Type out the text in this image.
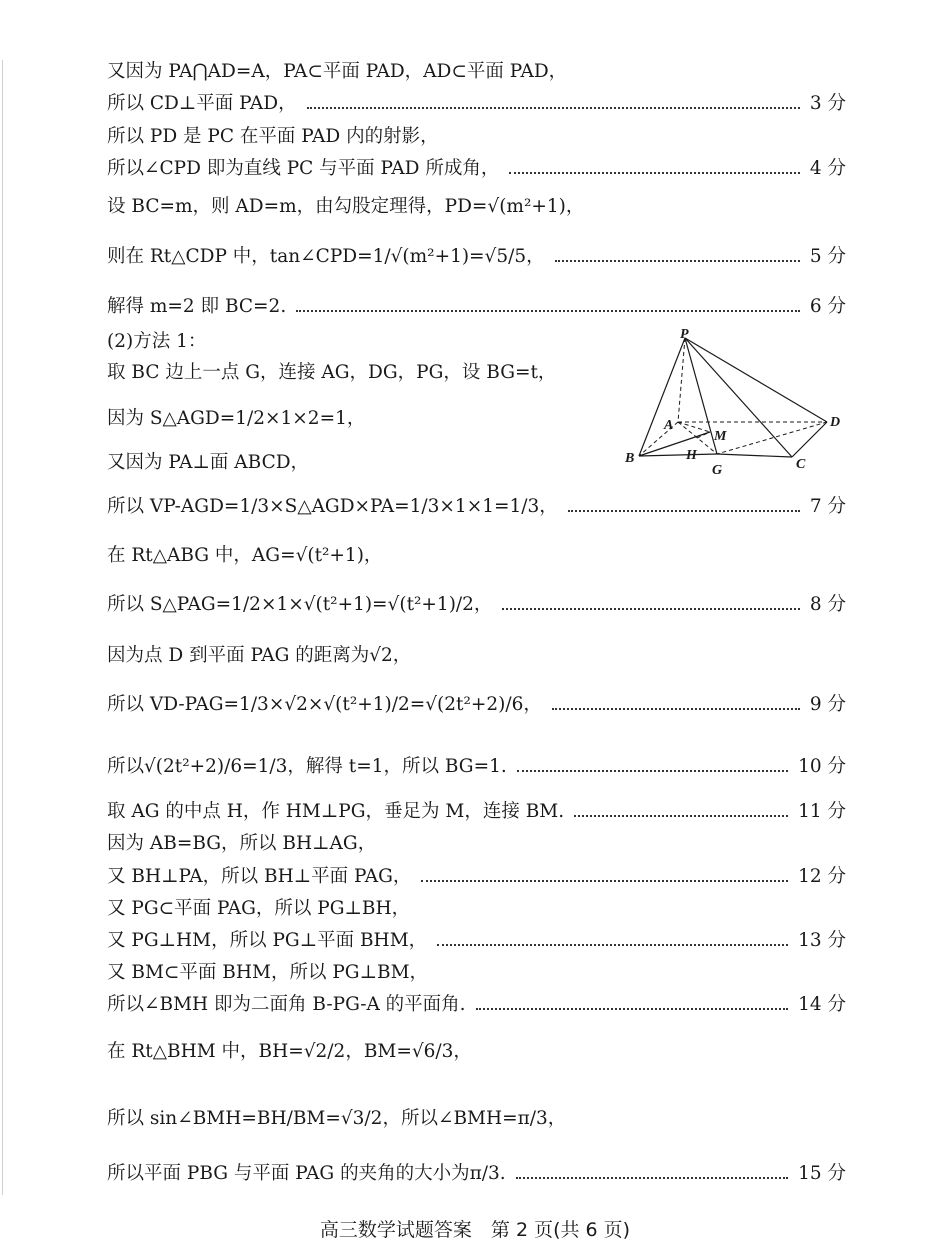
又因为 PA⋂AD=A，PA⊂平面 PAD，AD⊂平面 PAD，
所以 CD⊥平面 PAD，	3 分
所以 PD 是 PC 在平面 PAD 内的射影，
所以∠CPD 即为直线 PC 与平面 PAD 所成角，	4 分
设 BC=m，则 AD=m，由勾股定理得，PD=√(m²+1)，
则在 Rt△CDP 中，tan∠CPD=1/√(m²+1)=√5/5，	5 分
解得 m=2 即 BC=2.	6 分
(2)方法 1：
取 BC 边上一点 G，连接 AG，DG，PG，设 BG=t，
因为 S△AGD=1/2×1×2=1，
又因为 PA⊥面 ABCD，
所以 VP-AGD=1/3×S△AGD×PA=1/3×1×1=1/3，	7 分
在 Rt△ABG 中，AG=√(t²+1)，
所以 S△PAG=1/2×1×√(t²+1)=√(t²+1)/2，	8 分
因为点 D 到平面 PAG 的距离为√2，
所以 VD-PAG=1/3×√2×√(t²+1)/2=√(2t²+2)/6，	9 分
所以√(2t²+2)/6=1/3，解得 t=1，所以 BG=1.	10 分
取 AG 的中点 H，作 HM⊥PG，垂足为 M，连接 BM.	11 分
因为 AB=BG，所以 BH⊥AG，
又 BH⊥PA，所以 BH⊥平面 PAG，	12 分
又 PG⊂平面 PAG，所以 PG⊥BH，
又 PG⊥HM，所以 PG⊥平面 BHM，	13 分
又 BM⊂平面 BHM，所以 PG⊥BM，
所以∠BMH 即为二面角 B-PG-A 的平面角.	14 分
在 Rt△BHM 中，BH=√2/2，BM=√6/3，
所以 sin∠BMH=BH/BM=√3/2，所以∠BMH=π/3，
所以平面 PBG 与平面 PAG 的夹角的大小为π/3.	15 分
P
A	D
B	H
M
G	C
高三数学试题答案　第 2 页(共 6 页)
